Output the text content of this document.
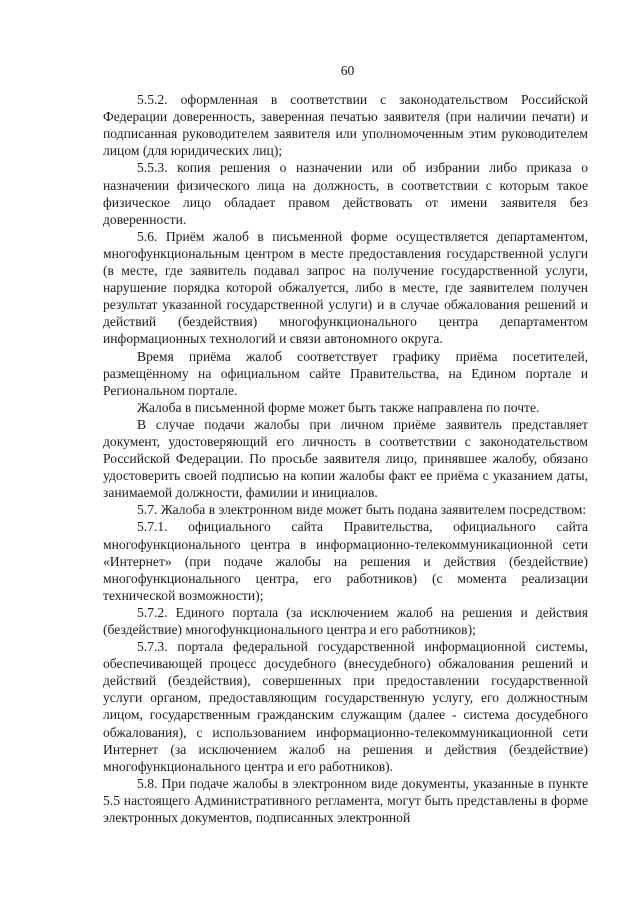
60

5.5.2. оформленная в соответствии с законодательством Российской Федерации доверенность, заверенная печатью заявителя (при наличии печати) и подписанная руководителем заявителя или уполномоченным этим руководителем лицом (для юридических лиц);

5.5.3. копия решения о назначении или об избрании либо приказа о назначении физического лица на должность, в соответствии с которым такое физическое лицо обладает правом действовать от имени заявителя без доверенности.

5.6. Приём жалоб в письменной форме осуществляется департаментом, многофункциональным центром в месте предоставления государственной услуги (в месте, где заявитель подавал запрос на получение государственной услуги, нарушение порядка которой обжалуется, либо в месте, где заявителем получен результат указанной государственной услуги) и в случае обжалования решений и действий (бездействия) многофункционального центра департаментом информационных технологий и связи автономного округа.

Время приёма жалоб соответствует графику приёма посетителей, размещённому на официальном сайте Правительства, на Едином портале и Региональном портале.

Жалоба в письменной форме может быть также направлена по почте.

В случае подачи жалобы при личном приёме заявитель представляет документ, удостоверяющий его личность в соответствии с законодательством Российской Федерации. По просьбе заявителя лицо, принявшее жалобу, обязано удостоверить своей подписью на копии жалобы факт ее приёма с указанием даты, занимаемой должности, фамилии и инициалов.

5.7. Жалоба в электронном виде может быть подана заявителем посредством:

5.7.1. официального сайта Правительства, официального сайта многофункционального центра в информационно-телекоммуникационной сети «Интернет» (при подаче жалобы на решения и действия (бездействие) многофункционального центра, его работников) (с момента реализации технической возможности);

5.7.2. Единого портала (за исключением жалоб на решения и действия (бездействие) многофункционального центра и его работников);

5.7.3. портала федеральной государственной информационной системы, обеспечивающей процесс досудебного (внесудебного) обжалования решений и действий (бездействия), совершенных при предоставлении государственной услуги органом, предоставляющим государственную услугу, его должностным лицом, государственным гражданским служащим (далее - система досудебного обжалования), с использованием информационно-телекоммуникационной сети Интернет (за исключением жалоб на решения и действия (бездействие) многофункционального центра и его работников).

5.8. При подаче жалобы в электронном виде документы, указанные в пункте 5.5 настоящего Административного регламента, могут быть представлены в форме электронных документов, подписанных электронной
